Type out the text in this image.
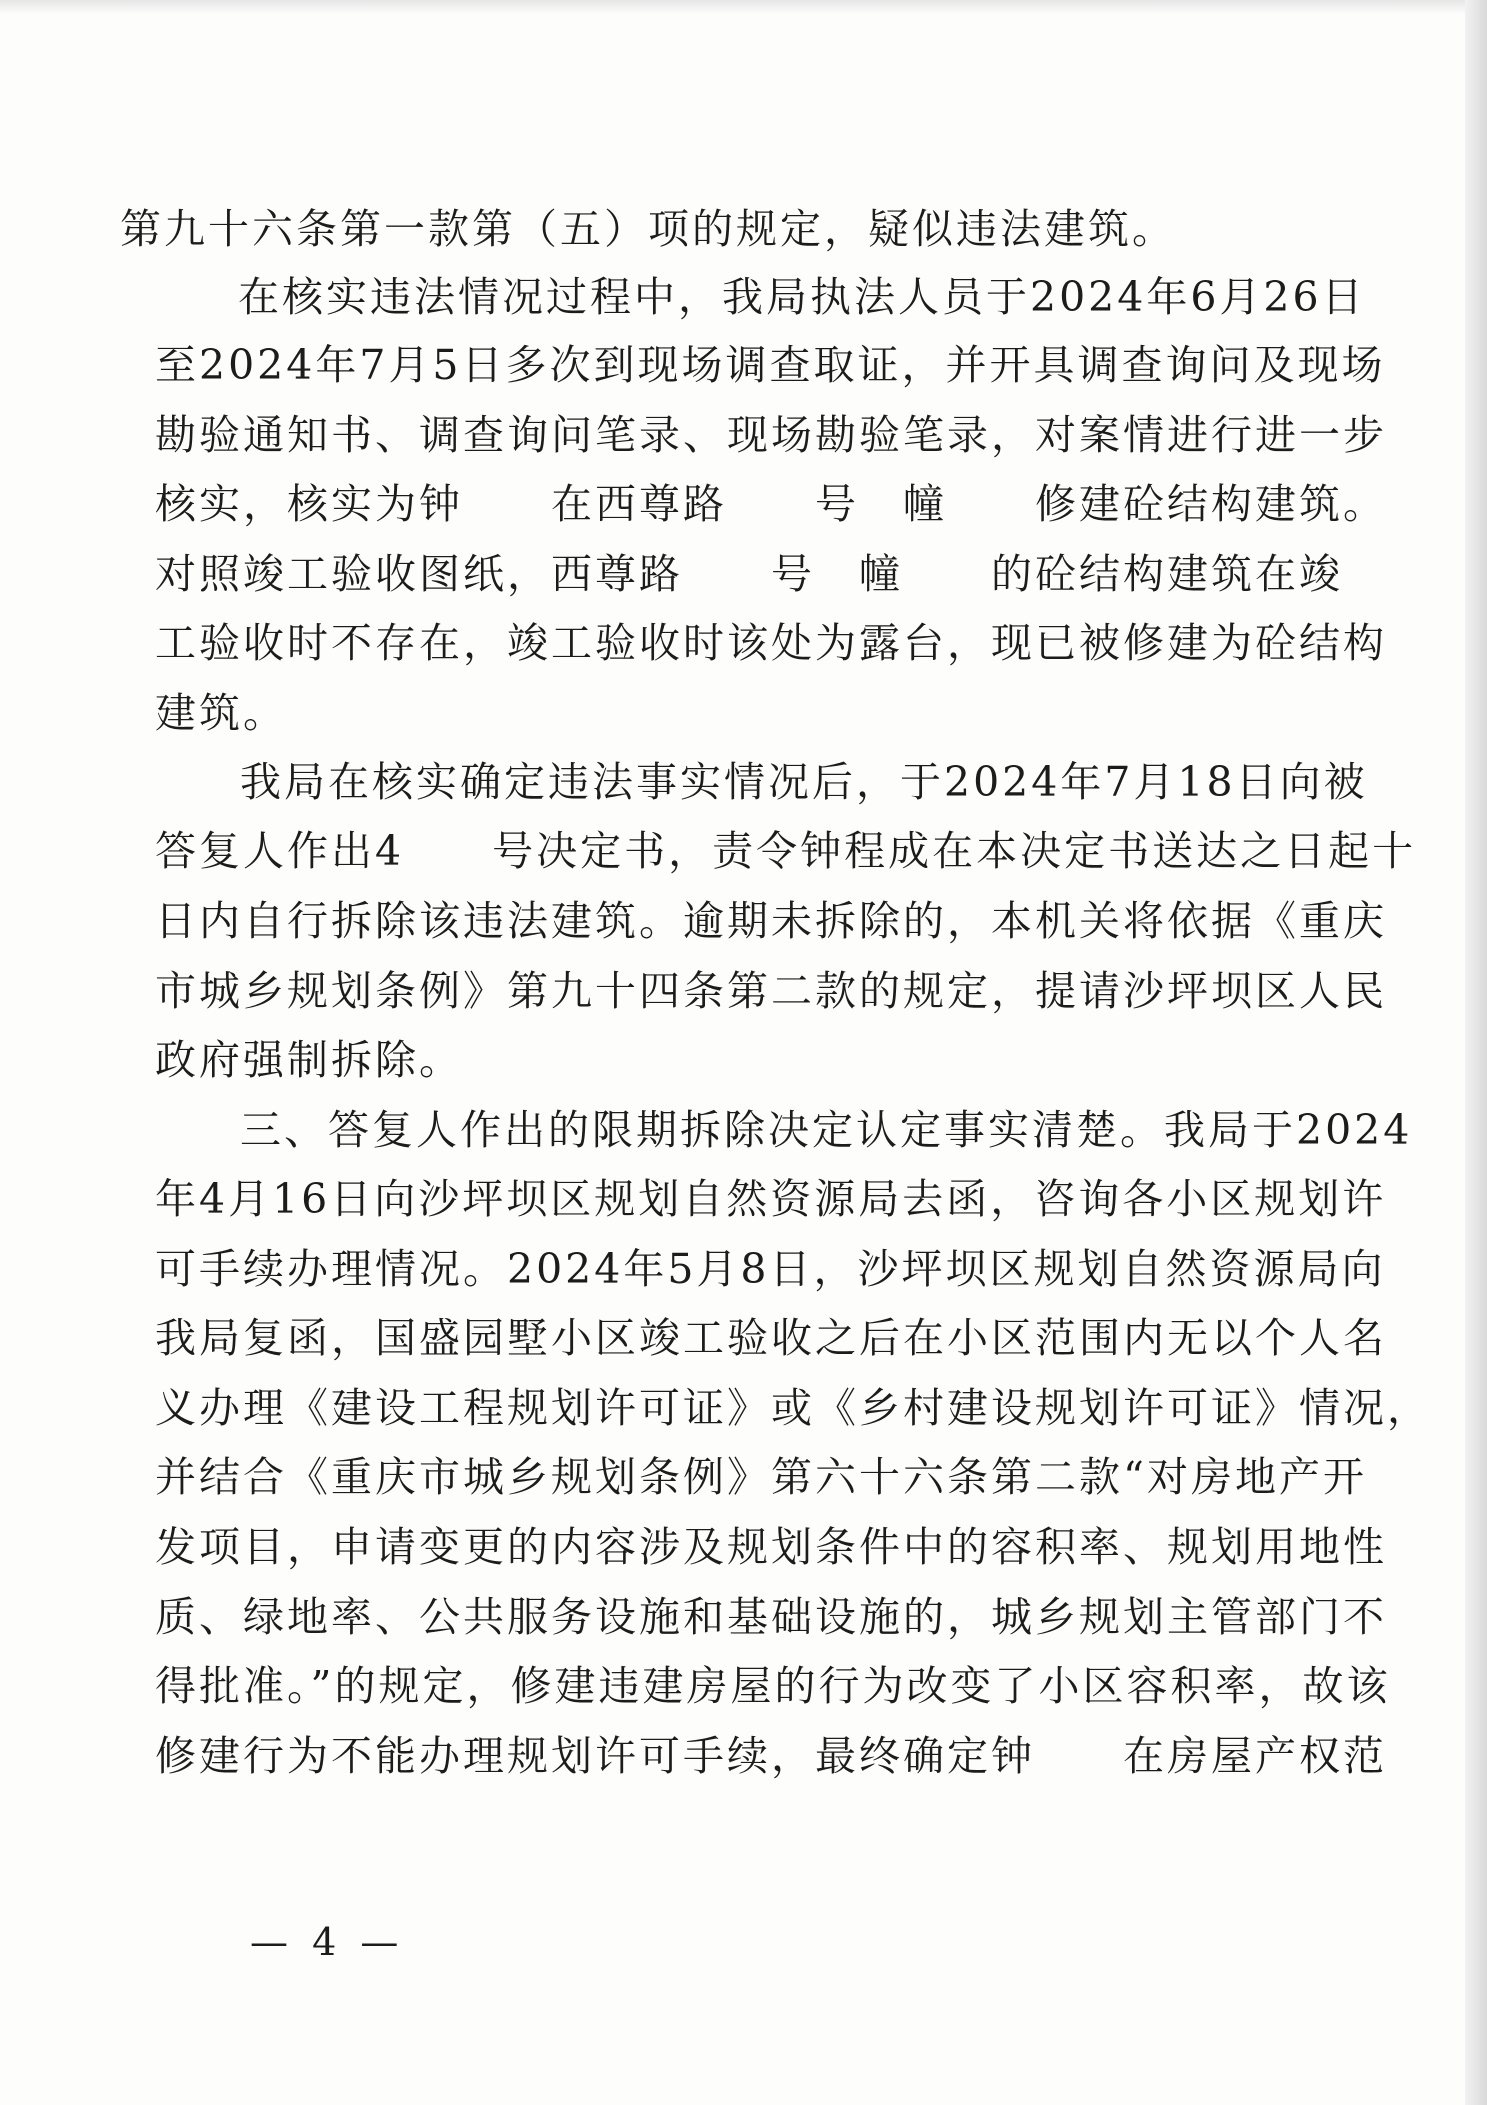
第九十六条第一款第（五）项的规定，疑似违法建筑。
在核实违法情况过程中，我局执法人员于2024年6月26日
至2024年7月5日多次到现场调查取证，并开具调查询问及现场
勘验通知书、调查询问笔录、现场勘验笔录，对案情进行进一步
核实，核实为钟　　在西尊路　　号　幢　　修建砼结构建筑。
对照竣工验收图纸，西尊路　　号　幢　　的砼结构建筑在竣
工验收时不存在，竣工验收时该处为露台，现已被修建为砼结构
建筑。
我局在核实确定违法事实情况后，于2024年7月18日向被
答复人作出4　　号决定书，责令钟程成在本决定书送达之日起十
日内自行拆除该违法建筑。逾期未拆除的，本机关将依据《重庆
市城乡规划条例》第九十四条第二款的规定，提请沙坪坝区人民
政府强制拆除。
三、答复人作出的限期拆除决定认定事实清楚。我局于2024
年4月16日向沙坪坝区规划自然资源局去函，咨询各小区规划许
可手续办理情况。2024年5月8日，沙坪坝区规划自然资源局向
我局复函，国盛园墅小区竣工验收之后在小区范围内无以个人名
义办理《建设工程规划许可证》或《乡村建设规划许可证》情况，
并结合《重庆市城乡规划条例》第六十六条第二款“对房地产开
发项目，申请变更的内容涉及规划条件中的容积率、规划用地性
质、绿地率、公共服务设施和基础设施的，城乡规划主管部门不
得批准。”的规定，修建违建房屋的行为改变了小区容积率，故该
修建行为不能办理规划许可手续，最终确定钟　　在房屋产权范
— 4 —
